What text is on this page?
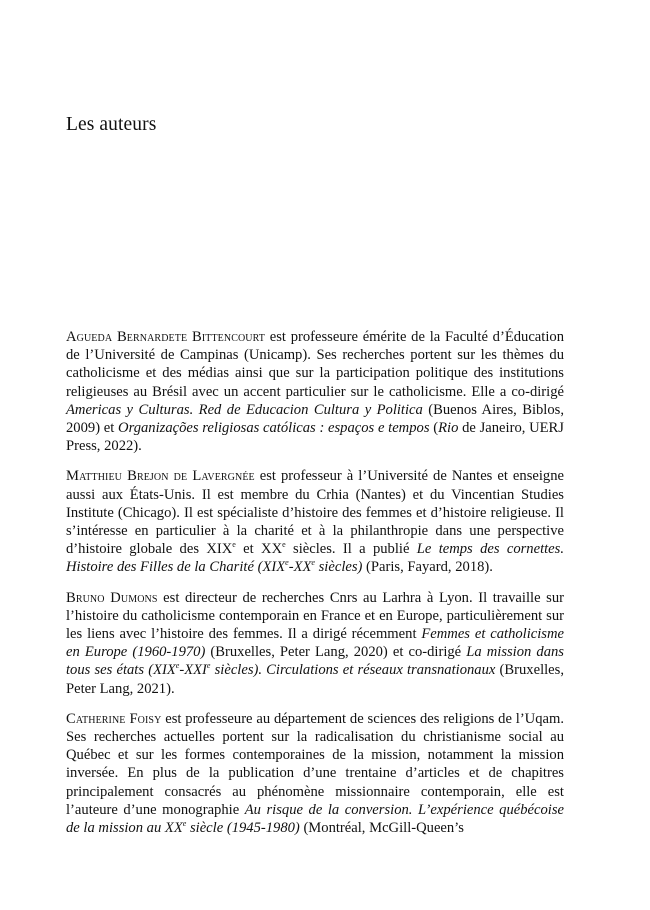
Les auteurs

Agueda Bernardete Bittencourt est professeure émérite de la Faculté d’Éducation de l’Université de Campinas (Unicamp). Ses recherches portent sur les thèmes du catholicisme et des médias ainsi que sur la participation politique des institutions religieuses au Brésil avec un accent particulier sur le catholicisme. Elle a co-dirigé Americas y Culturas. Red de Educacion Cultura y Politica (Buenos Aires, Biblos, 2009) et Organizações religiosas católicas : espaços e tempos (Rio de Janeiro, UERJ Press, 2022).

Matthieu Brejon de Lavergnée est professeur à l’Université de Nantes et enseigne aussi aux États-Unis. Il est membre du Crhia (Nantes) et du Vincentian Studies Institute (Chicago). Il est spécialiste d’histoire des femmes et d’histoire religieuse. Il s’intéresse en particulier à la charité et à la philanthropie dans une perspective d’histoire globale des XIXe et XXe siècles. Il a publié Le temps des cornettes. Histoire des Filles de la Charité (XIXe-XXe siècles) (Paris, Fayard, 2018).

Bruno Dumons est directeur de recherches Cnrs au Larhra à Lyon. Il travaille sur l’histoire du catholicisme contemporain en France et en Europe, particulièrement sur les liens avec l’histoire des femmes. Il a dirigé récemment Femmes et catholicisme en Europe (1960-1970) (Bruxelles, Peter Lang, 2020) et co-dirigé La mission dans tous ses états (XIXe-XXIe siècles). Circulations et réseaux transnationaux (Bruxelles, Peter Lang, 2021).

Catherine Foisy est professeure au département de sciences des religions de l’Uqam. Ses recherches actuelles portent sur la radicalisation du christianisme social au Québec et sur les formes contemporaines de la mission, notamment la mission inversée. En plus de la publication d’une trentaine d’articles et de chapitres principalement consacrés au phénomène missionnaire contemporain, elle est l’auteure d’une monographie Au risque de la conversion. L’expérience québécoise de la mission au XXe siècle (1945-1980) (Montréal, McGill-Queen’s
